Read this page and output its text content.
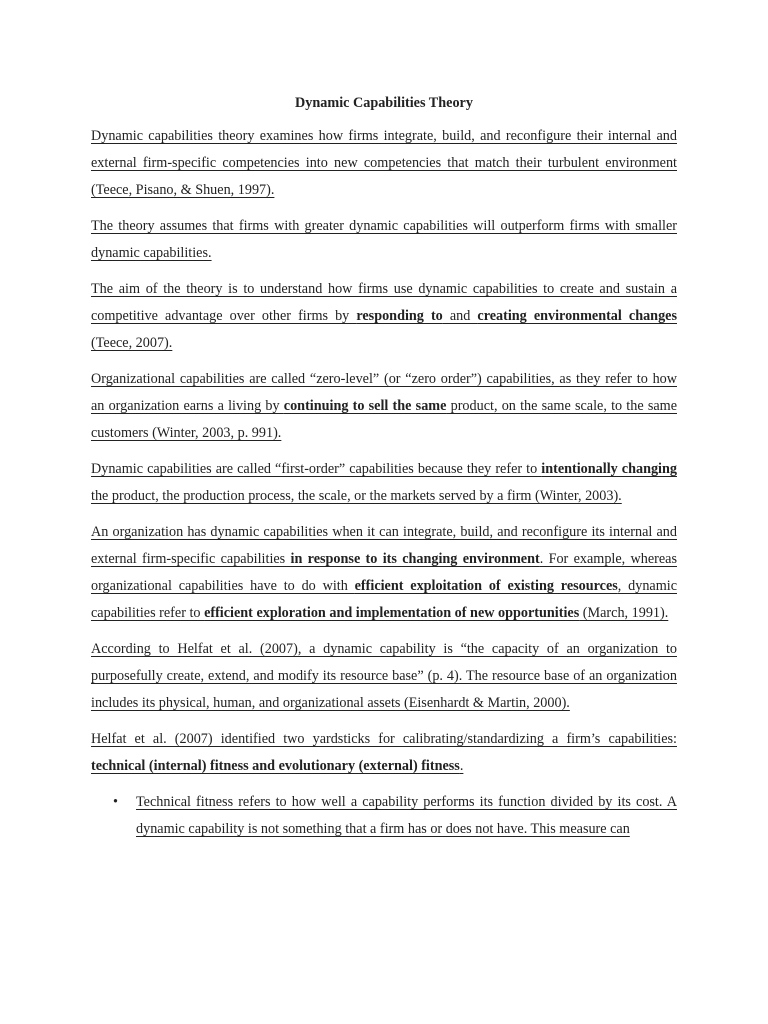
Dynamic Capabilities Theory
Dynamic capabilities theory examines how firms integrate, build, and reconfigure their internal and external firm-specific competencies into new competencies that match their turbulent environment (Teece, Pisano, & Shuen, 1997).
The theory assumes that firms with greater dynamic capabilities will outperform firms with smaller dynamic capabilities.
The aim of the theory is to understand how firms use dynamic capabilities to create and sustain a competitive advantage over other firms by responding to and creating environmental changes (Teece, 2007).
Organizational capabilities are called “zero-level” (or “zero order”) capabilities, as they refer to how an organization earns a living by continuing to sell the same product, on the same scale, to the same customers (Winter, 2003, p. 991).
Dynamic capabilities are called “first-order” capabilities because they refer to intentionally changing the product, the production process, the scale, or the markets served by a firm (Winter, 2003).
An organization has dynamic capabilities when it can integrate, build, and reconfigure its internal and external firm-specific capabilities in response to its changing environment. For example, whereas organizational capabilities have to do with efficient exploitation of existing resources, dynamic capabilities refer to efficient exploration and implementation of new opportunities (March, 1991).
According to Helfat et al. (2007), a dynamic capability is “the capacity of an organization to purposefully create, extend, and modify its resource base” (p. 4). The resource base of an organization includes its physical, human, and organizational assets (Eisenhardt & Martin, 2000).
Helfat et al. (2007) identified two yardsticks for calibrating/standardizing a firm’s capabilities: technical (internal) fitness and evolutionary (external) fitness.
• Technical fitness refers to how well a capability performs its function divided by its cost. A dynamic capability is not something that a firm has or does not have. This measure can
